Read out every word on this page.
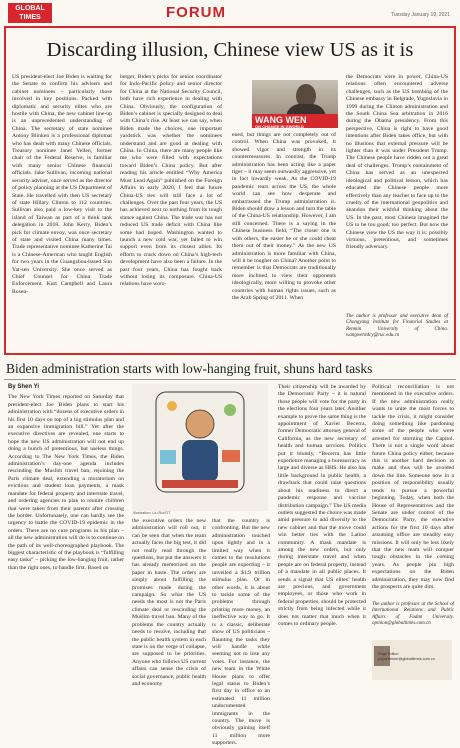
GLOBAL
TIMES	FORUM	Tuesday January 19, 2021
Discarding illusion, Chinese view US as it is

US president-elect Joe Biden is waiting for the Senate to confirm his advisers and cabinet nominees – particularly those involved in key positions. Packed with diplomatic and security elites who are hostile with China, the new cabinet line-up is an unprecedented understanding of China. The secretary of state nominee Antony Blinken is a professional diplomat who has dealt with many Chinese officials. Treasury nominee Janet Yellen, former chair of the Federal Reserve, is familiar with many senior Chinese financial officials. Jake Sullivan, incoming national security adviser, once served as the director of policy planning at the US Department of State. He travelled with then US secretary of state Hillary Clinton to 112 countries. Sullivan also paid a low-key visit to the island of Taiwan as part of a think tank delegation in 2018. John Kerry, Biden’s pick for climate envoy, was once secretary of state and visited China many times. Trade representative nominee Katherine Tai is a Chinese-American who taught English for two years in the Guangzhou-based Sun Yat-sen University. She once served as Chief Counsel for China Trade Enforcement. Kurt Campbell and Laura Rosen-

berger, Biden’s picks for senior coordinator for Indo-Pacific policy and senior director for China at the National Security Council, both have rich experience in dealing with China. Obviously, the configuration of Biden’s cabinet is specially designed to deal with China’s rise. At least we can say, when Biden made the choices, one important yardstick was whether the nominees understand and are good at dealing with China. In China, there are many people like me who were filled with expectations toward Biden’s China policy. But after reading his article entitled “Why America Must Lead Again” published on the Foreign Affairs in early 2020, I feel that future China-US ties will still face a lot of challenges. Over the past four years, the US has achieved next to nothing from its tough stance against China. The trade war has not reduced US trade deficit with China like some had hoped. Washington wanted to launch a new cold war, yet failed to win support even from its closest allies. Its efforts to crack down on China’s high-tech development have also been a failure. In the past four years, China has fought back without losing its composure. China-US relations have wors-

WANG WEN
ON CHANGE IN GWORLD

ened, but things are not completely out of control. When China was provoked, it showed vigor and strength in its countermeasures. In contrast, the Trump administration has been acting like a paper tiger – it may seem outwardly aggressive, yet in fact inwardly weak. As the COVID-19 pandemic rears across the US, the whole world can see how desperate and embarrassed the Trump administration is. Biden should draw a lesson and turn the table of the China-US relationship. However, I am still concerned. There is a saying in the Chinese business field, “The closer one is with others, the easier he or she could cheat them out of their money.” As the new US administration is more familiar with China, will it be tougher on China? Another point to remember is that Democrats are traditionally more inclined to view their opponents ideologically, more willing to provoke other countries with human rights issues, such as the Arab Spring of 2011. When

the Democrats were in power, China-US relations often encountered adverse challenges, such as the US bombing of the Chinese embassy in Belgrade, Yugoslavia in 1999 during the Clinton administration and the South China Sea arbitration in 2016 during the Obama presidency. From this perspective, China is right to have good intentions after Biden takes office, but with no illusions that external pressure will be lighter than it was under President Trump. The Chinese people have ridden out a great deal of challenges. Trump’s containment of China has served as an unexpected ideological and political lesson, which has educated the Chinese people more effectively than any teacher to face up to the cruelty of the international geopolitics and abandon their wishful thinking about the US. In the past, most Chinese imagined the US to be too good; too perfect. But now the Chinese view the US the way it is: possibly virtuous, pretentious, and sometimes friendly adversary.

The author is professor and executive dean of Chongyang Institute for Financial Studies at Renmin University of China. wangwenrdcy@ruc.edu.cn

Biden administration starts with low-hanging fruit, shuns hard tasks
By Shen Yi

The New York Times reported on Saturday that president-elect Joe Biden plans to start his administration with “dozens of executive orders in his first 10 days on top of a big stimulus plan and an expansive immigration bill.” Yet after the executive directives are revealed, one starts to hope the new US administration will not end up doing a bunch of pretentious, but useless things. According to The New York Times, the Biden administration’s day-one agenda includes rescinding the Muslim travel ban, rejoining the Paris climate deal, extending a moratorium on evictions and student loan payments, a mask mandate for federal property and interstate travel, and ordering agencies to plan to reunite children that were taken from their parents after crossing the border. Unfortunately, one can hardly see the urgency to battle the COVID-19 epidemic in the orders. There are no cure programs in his plan – all the new administration will do is to continue on the path of its well-choreographed playbook. The biggest characteristic of the playbook is “fulfilling easy tasks” – picking the low-hanging fruit, rather than the right ones, to handle first. Based on

Illustration: Liu Rui/GT

the executive orders the new administration will roll out, it can be seen that when the team actually faces the big test, it did not really read through the questions, but put the answers it has already memorized on the paper in haste. The orders are simply about fulfilling the promises made during the campaign. So what the US needs the most is not the Paris climate deal or rescinding the Muslim travel ban. Many of the problems the country actually needs to resolve, including that the public health system in each state is on the verge of collapse, are supposed to be priorities. Anyone who follows US current affairs can sense the crisis of social governance, public health and economy

that the country is confronting. But the new administration touched upon lightly and in a limited way when it comes to the resolutions people are expecting – it unveiled a $1.9 trillion stimulus plan. Or in other words, it is about to tackle some of the problems through printing more money, an ineffective way to go. It is a classic, deliberate show of US politicians – flaunting the tasks they will handle while seeming not to lose any votes. For instance, the new team in the White House plans to offer legal status to Biden’s first day in office to an estimated 11 million undocumented immigrants in the country. The move is obviously gaining itself 11 million more supporters.

Their citizenship will be awarded by the Democratic Party – it is natural those people will vote for the party in the elections four years later. Another example to prove the same thing is the appointment of Xavier Becerra, former Democratic attorney general of California, as the new secretary of health and human services. Politics put it bluntly, “Becerra has little experience managing a bureaucracy as large and diverse as HHS. He also has little background in public health, a drawback that could raise questions about his readiness to direct a pandemic response and vaccine distribution campaign.” The US media outlets suggested the choice was made amid pressure to add diversity to the new cabinet and that the move could win better ties with the Latino community. A mask mandate is among the new orders, but only during interstate travel and when people are on federal property, instead of a mandate in all public places. It sends a signal that US elites’ health are precious, and government employees, or those who work in federal properties, should be protected strictly from being infected while it does not matter that much when it comes to ordinary people.

Political reconciliation is not mentioned in the executive orders. If the new administration really wants to unite the most forces to tackle the crisis, it might consider doing something like pardoning some of the people who were arrested for storming the Capitol. There is not a single word about future China policy either, because this is another hard decision to make and thus will be avoided down the line. Someone now in a position of responsibility usually tends to pursue a powerful beginning. Today, when both the House of Representatives and the Senate are under control of the Democratic Party, the executive actions for the first 10 days after assuming office are steadily easy missions. It will only be less likely that the new team will conquer tough obstacles in the coming years. As people pin high expectations on the Biden administration, they may now find the prospects are quite dim.

The author is professor at the School of International Relations and Public Affairs of Fudan University. opinion@globaltimes.com.cn

Page Editor:
yujinzhemer@globaltimes.com.cn
